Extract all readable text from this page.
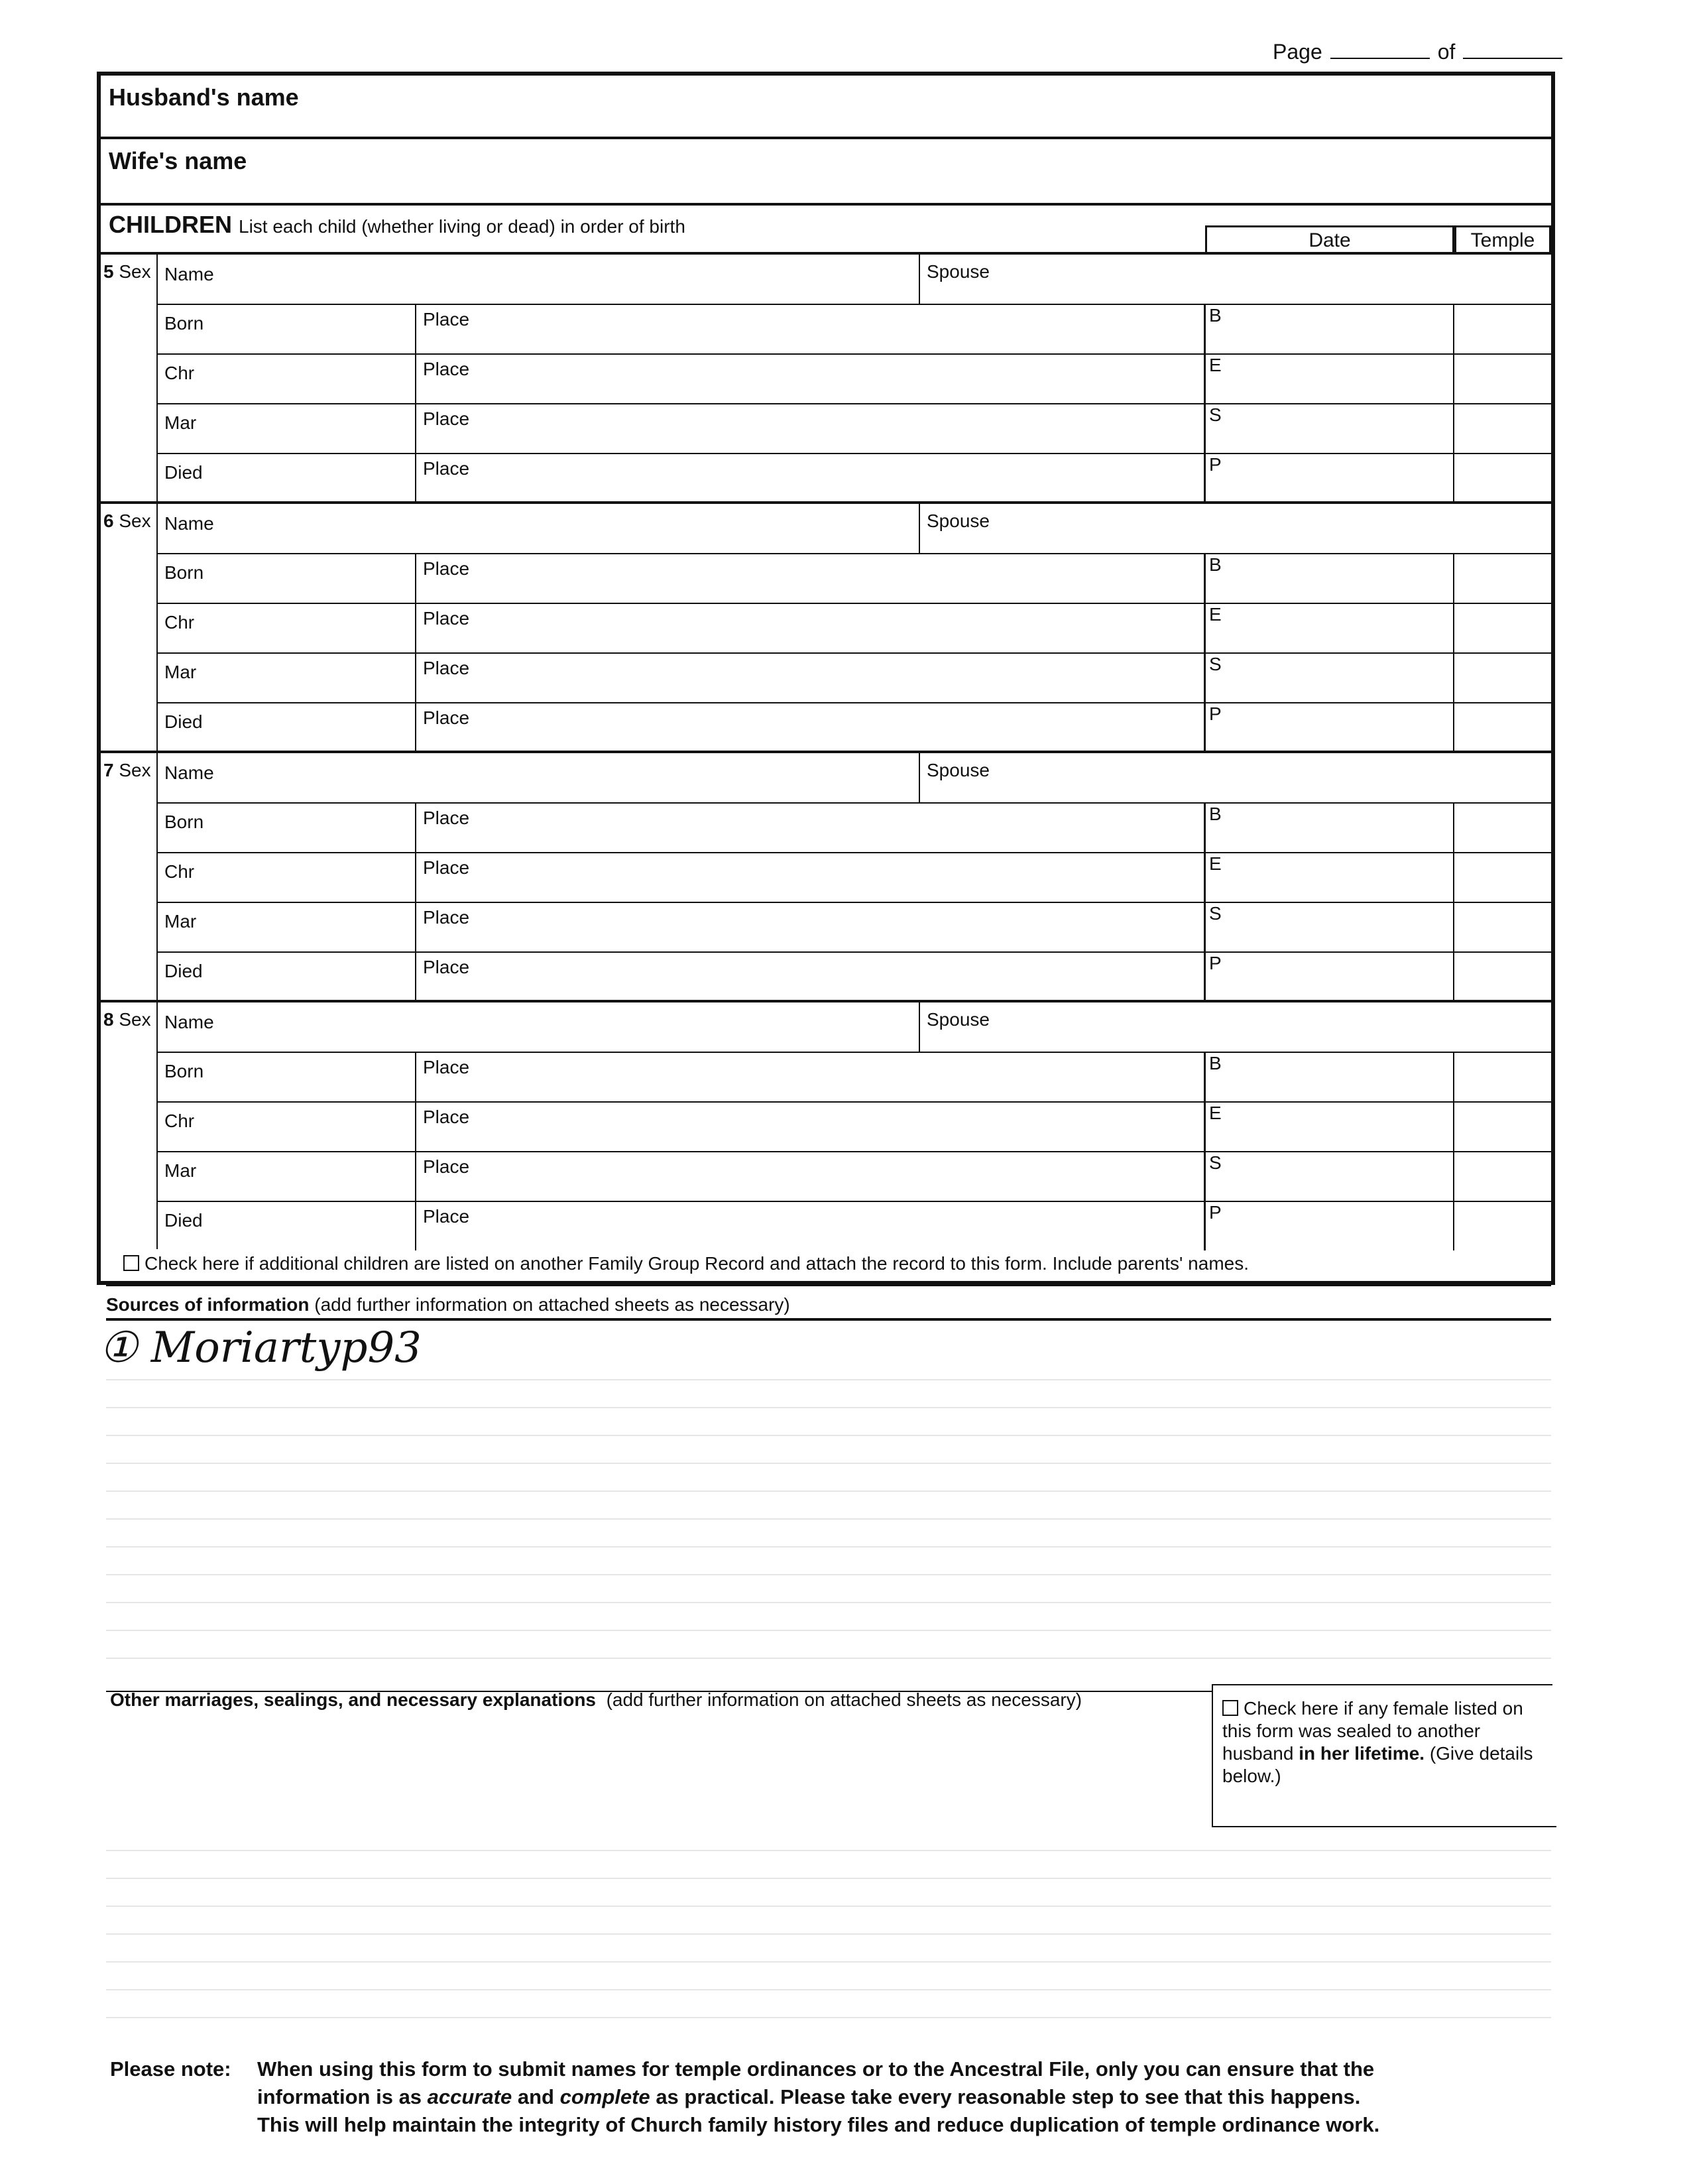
Page	of
Husband's name
Wife's name
CHILDREN List each child (whether living or dead) in order of birth
Date	Temple
5 Sex Name	Spouse
Born	Place	B
Chr	Place	E
Mar	Place	S
Died	Place	P
6 Sex Name	Spouse
Born	Place	B
Chr	Place	E
Mar	Place	S
Died	Place	P
7 Sex Name	Spouse
Born	Place	B
Chr	Place	E
Mar	Place	S
Died	Place	P
8 Sex Name	Spouse
Born	Place	B
Chr	Place	E
Mar	Place	S
Died	Place	P
Check here if additional children are listed on another Family Group Record and attach the record to this form. Include parents' names.
Sources of information (add further information on attached sheets as necessary)
① Moriartyp93
Other marriages, sealings, and necessary explanations (add further information on attached sheets as necessary)	Check here if any female listed on this form was sealed to another husband in her lifetime. (Give details below.)
Please note: When using this form to submit names for temple ordinances or to the Ancestral File, only you can ensure that the
information is as accurate and complete as practical. Please take every reasonable step to see that this happens.
This will help maintain the integrity of Church family history files and reduce duplication of temple ordinance work.
